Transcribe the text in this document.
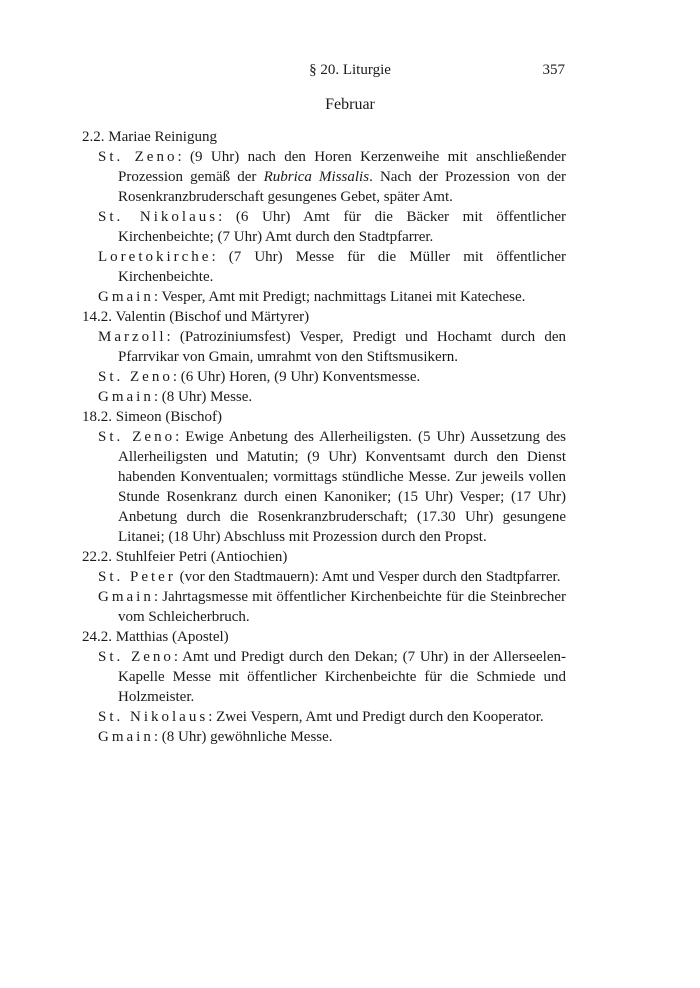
§ 20. Liturgie	357
Februar

2.2. Mariae Reinigung

St. Zeno: (9 Uhr) nach den Horen Kerzenweihe mit anschließender Prozession gemäß der Rubrica Missalis. Nach der Prozession von der Rosenkranzbruderschaft gesungenes Gebet, später Amt.

St. Nikolaus: (6 Uhr) Amt für die Bäcker mit öffentlicher Kirchenbeichte; (7 Uhr) Amt durch den Stadtpfarrer.

Loretokirche: (7 Uhr) Messe für die Müller mit öffentlicher Kirchenbeichte.

Gmain: Vesper, Amt mit Predigt; nachmittags Litanei mit Katechese.

14.2. Valentin (Bischof und Märtyrer)

Marzoll: (Patroziniumsfest) Vesper, Predigt und Hochamt durch den Pfarrvikar von Gmain, umrahmt von den Stiftsmusikern.

St. Zeno: (6 Uhr) Horen, (9 Uhr) Konventsmesse.

Gmain: (8 Uhr) Messe.

18.2. Simeon (Bischof)

St. Zeno: Ewige Anbetung des Allerheiligsten. (5 Uhr) Aussetzung des Allerheiligsten und Matutin; (9 Uhr) Konventsamt durch den Dienst habenden Konventualen; vormittags stündliche Messe. Zur jeweils vollen Stunde Rosenkranz durch einen Kanoniker; (15 Uhr) Vesper; (17 Uhr) Anbetung durch die Rosenkranzbruderschaft; (17.30 Uhr) gesungene Litanei; (18 Uhr) Abschluss mit Prozession durch den Propst.

22.2. Stuhlfeier Petri (Antiochien)

St. Peter (vor den Stadtmauern): Amt und Vesper durch den Stadtpfarrer.

Gmain: Jahrtagsmesse mit öffentlicher Kirchenbeichte für die Steinbrecher vom Schleicherbruch.

24.2. Matthias (Apostel)

St. Zeno: Amt und Predigt durch den Dekan; (7 Uhr) in der Allerseelen-Kapelle Messe mit öffentlicher Kirchenbeichte für die Schmiede und Holzmeister.

St. Nikolaus: Zwei Vespern, Amt und Predigt durch den Kooperator.

Gmain: (8 Uhr) gewöhnliche Messe.
